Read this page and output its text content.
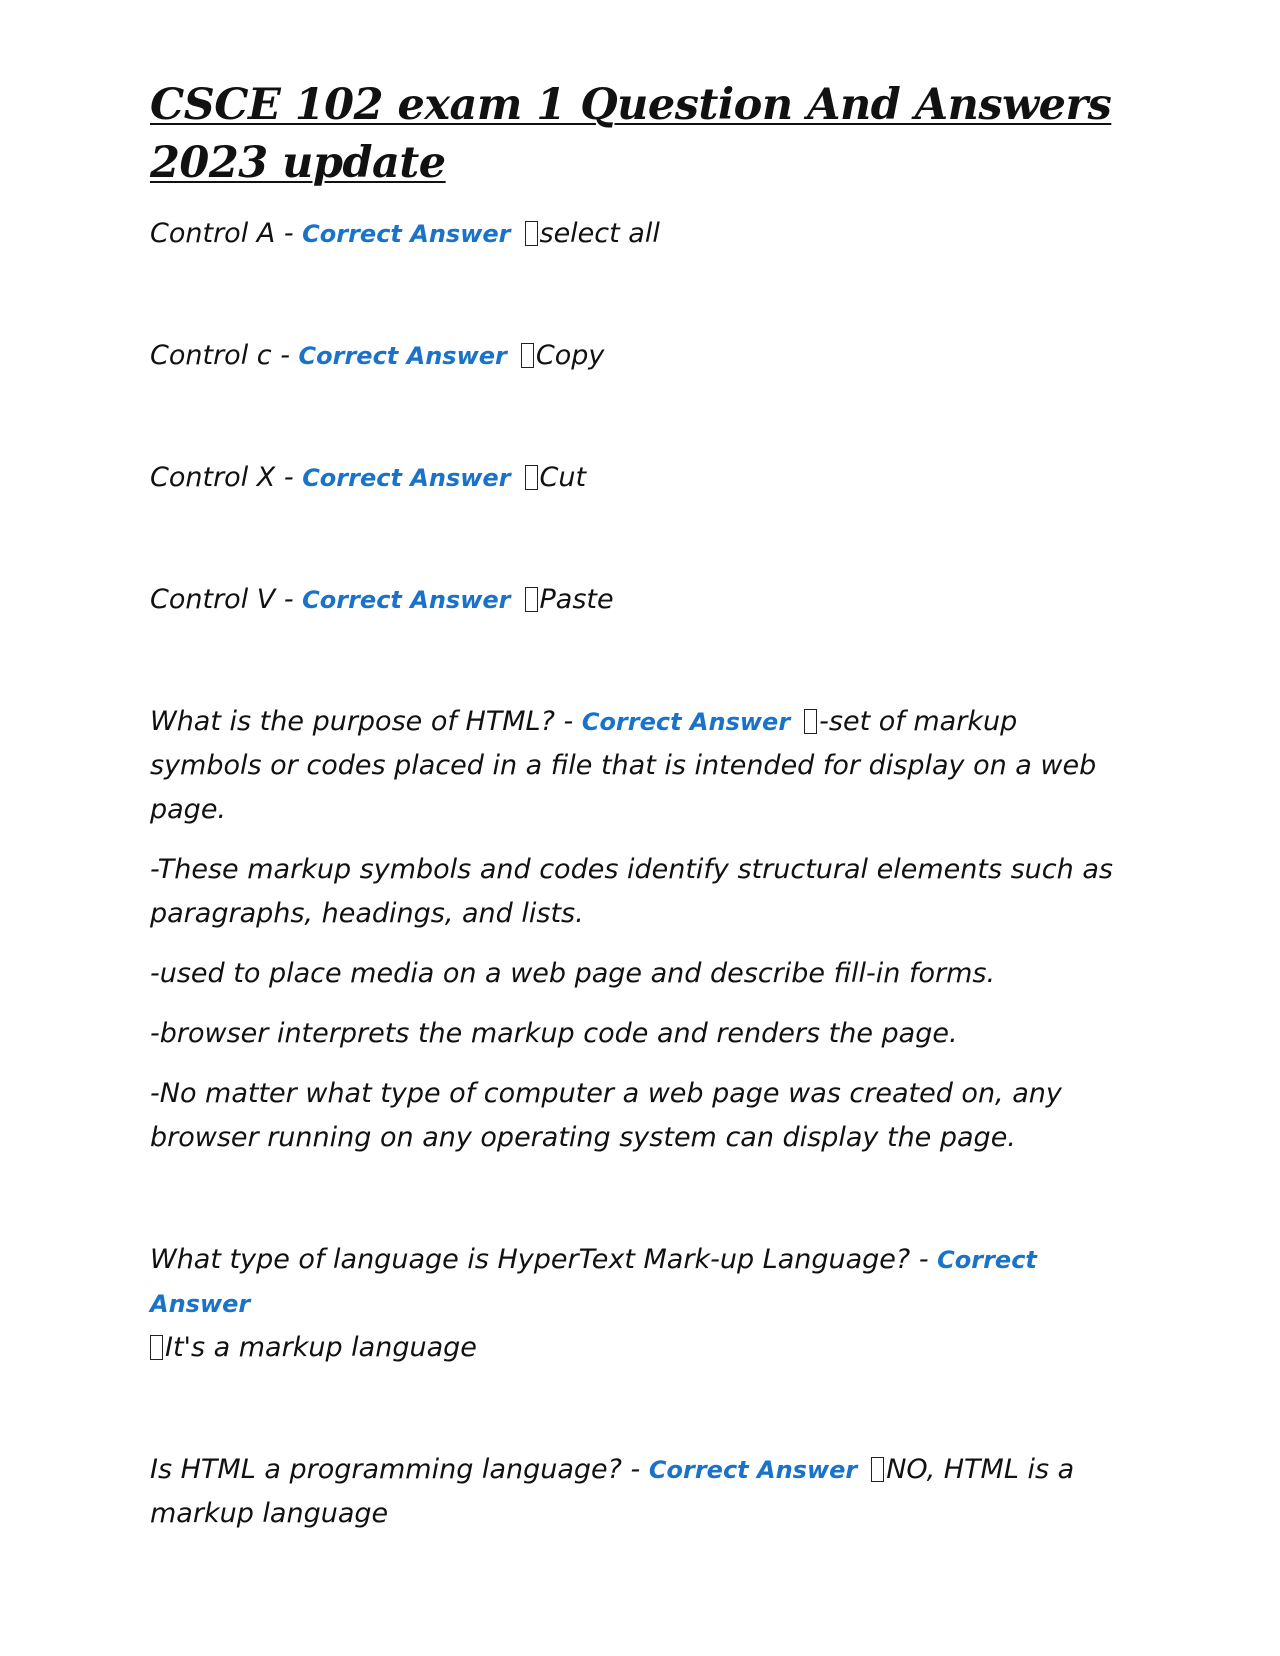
CSCE 102 exam 1 Question And Answers 2023 update

Control A - Correct Answer select all

Control c - Correct Answer Copy

Control X - Correct Answer Cut

Control V - Correct Answer Paste

What is the purpose of HTML? - Correct Answer -set of markup symbols or codes placed in a file that is intended for display on a web page.

-These markup symbols and codes identify structural elements such as paragraphs, headings, and lists.

-used to place media on a web page and describe fill-in forms.

-browser interprets the markup code and renders the page.

-No matter what type of computer a web page was created on, any browser running on any operating system can display the page.

What type of language is HyperText Mark-up Language? - Correct Answer
It's a markup language

Is HTML a programming language? - Correct Answer NO, HTML is a markup language
